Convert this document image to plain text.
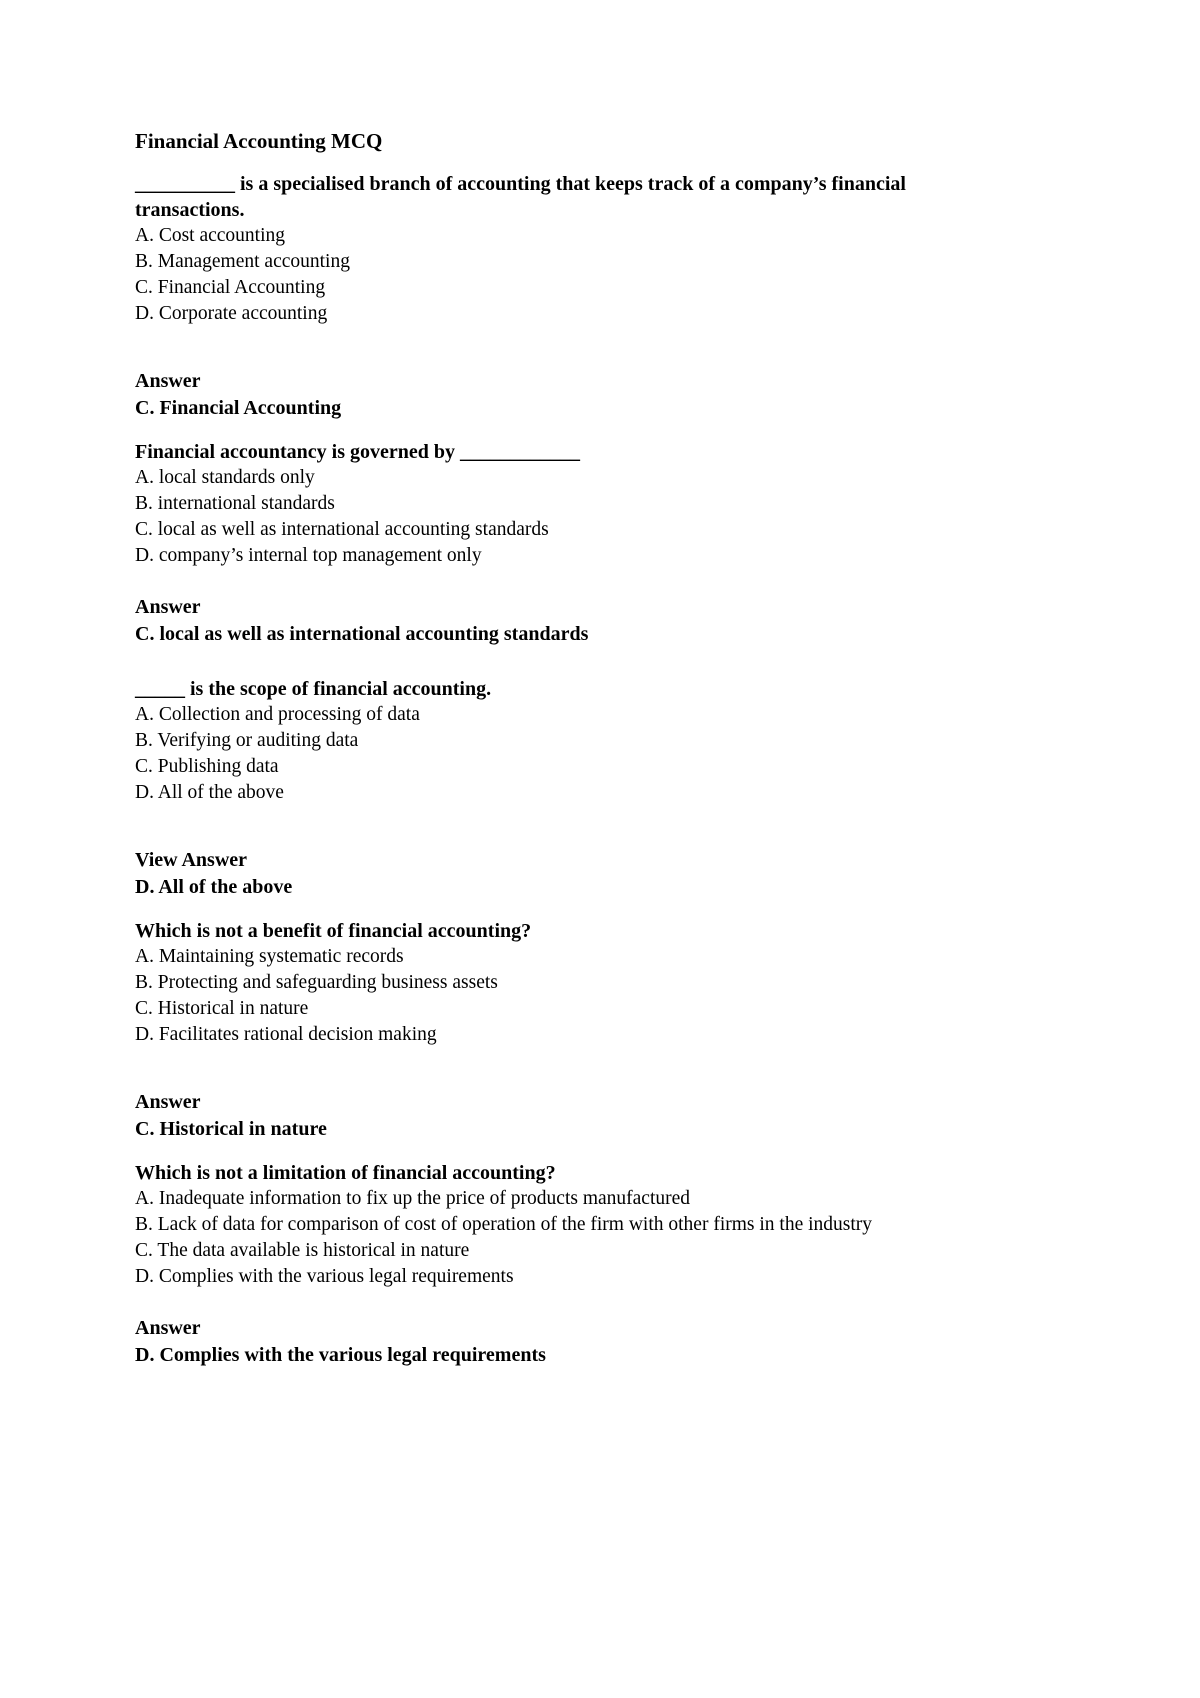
Financial Accounting MCQ

__________ is a specialised branch of accounting that keeps track of a company’s financial transactions.

A. Cost accounting
B. Management accounting
C. Financial Accounting
D. Corporate accounting

Answer

C. Financial Accounting

Financial accountancy is governed by ____________

A. local standards only
B. international standards
C. local as well as international accounting standards
D. company’s internal top management only

Answer

C. local as well as international accounting standards

_____ is the scope of financial accounting.

A. Collection and processing of data
B. Verifying or auditing data
C. Publishing data
D. All of the above

View Answer

D. All of the above

Which is not a benefit of financial accounting?

A. Maintaining systematic records
B. Protecting and safeguarding business assets
C. Historical in nature
D. Facilitates rational decision making

Answer

C. Historical in nature

Which is not a limitation of financial accounting?

A. Inadequate information to fix up the price of products manufactured
B. Lack of data for comparison of cost of operation of the firm with other firms in the industry
C. The data available is historical in nature
D. Complies with the various legal requirements

Answer

D. Complies with the various legal requirements
